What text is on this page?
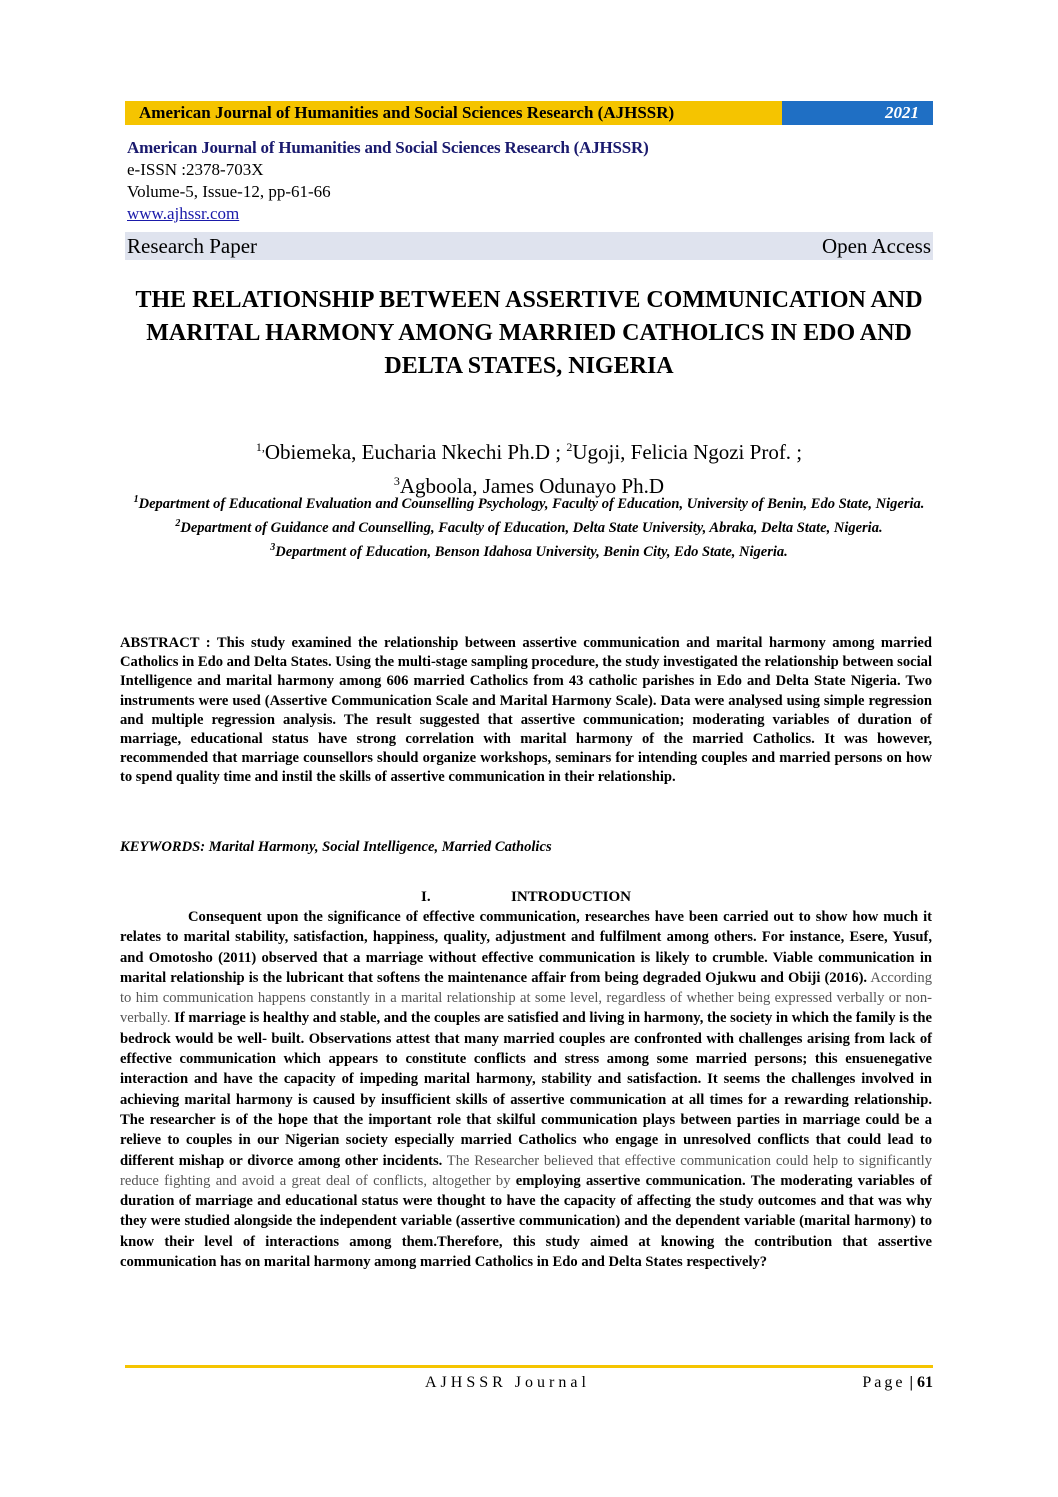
American Journal of Humanities and Social Sciences Research (AJHSSR)	2021
American Journal of Humanities and Social Sciences Research (AJHSSR)
e-ISSN :2378-703X
Volume-5, Issue-12, pp-61-66
www.ajhssr.com
Research Paper	Open Access
THE RELATIONSHIP BETWEEN ASSERTIVE COMMUNICATION AND MARITAL HARMONY AMONG MARRIED CATHOLICS IN EDO AND DELTA STATES, NIGERIA
$^{1,}$Obiemeka, Eucharia Nkechi Ph.D ; $^2$Ugoji, Felicia Ngozi Prof. ;
$^3$Agboola, James Odunayo Ph.D
$^1$Department of Educational Evaluation and Counselling Psychology, Faculty of Education, University of Benin, Edo State, Nigeria.
$^2$Department of Guidance and Counselling, Faculty of Education, Delta State University, Abraka, Delta State, Nigeria.
$^3$Department of Education, Benson Idahosa University, Benin City, Edo State, Nigeria.
ABSTRACT : This study examined the relationship between assertive communication and marital harmony among married Catholics in Edo and Delta States. Using the multi-stage sampling procedure, the study investigated the relationship between social Intelligence and marital harmony among 606 married Catholics from 43 catholic parishes in Edo and Delta State Nigeria. Two instruments were used (Assertive Communication Scale and Marital Harmony Scale). Data were analysed using simple regression and multiple regression analysis. The result suggested that assertive communication; moderating variables of duration of marriage, educational status have strong correlation with marital harmony of the married Catholics. It was however, recommended that marriage counsellors should organize workshops, seminars for intending couples and married persons on how to spend quality time and instil the skills of assertive communication in their relationship.
KEYWORDS: Marital Harmony, Social Intelligence, Married Catholics
I.	INTRODUCTION
Consequent upon the significance of effective communication, researches have been carried out to show how much it relates to marital stability, satisfaction, happiness, quality, adjustment and fulfilment among others. For instance, Esere, Yusuf, and Omotosho (2011) observed that a marriage without effective communication is likely to crumble. Viable communication in marital relationship is the lubricant that softens the maintenance affair from being degraded Ojukwu and Obiji (2016). According to him communication happens constantly in a marital relationship at some level, regardless of whether being expressed verbally or non-verbally. If marriage is healthy and stable, and the couples are satisfied and living in harmony, the society in which the family is the bedrock would be well- built. Observations attest that many married couples are confronted with challenges arising from lack of effective communication which appears to constitute conflicts and stress among some married persons; this ensuenegative interaction and have the capacity of impeding marital harmony, stability and satisfaction. It seems the challenges involved in achieving marital harmony is caused by insufficient skills of assertive communication at all times for a rewarding relationship. The researcher is of the hope that the important role that skilful communication plays between parties in marriage could be a relieve to couples in our Nigerian society especially married Catholics who engage in unresolved conflicts that could lead to different mishap or divorce among other incidents. The Researcher believed that effective communication could help to significantly reduce fighting and avoid a great deal of conflicts, altogether by employing assertive communication. The moderating variables of duration of marriage and educational status were thought to have the capacity of affecting the study outcomes and that was why they were studied alongside the independent variable (assertive communication) and the dependent variable (marital harmony) to know their level of interactions among them.Therefore, this study aimed at knowing the contribution that assertive communication has on marital harmony among married Catholics in Edo and Delta States respectively?
AJHSSR Journal	Page | 61
